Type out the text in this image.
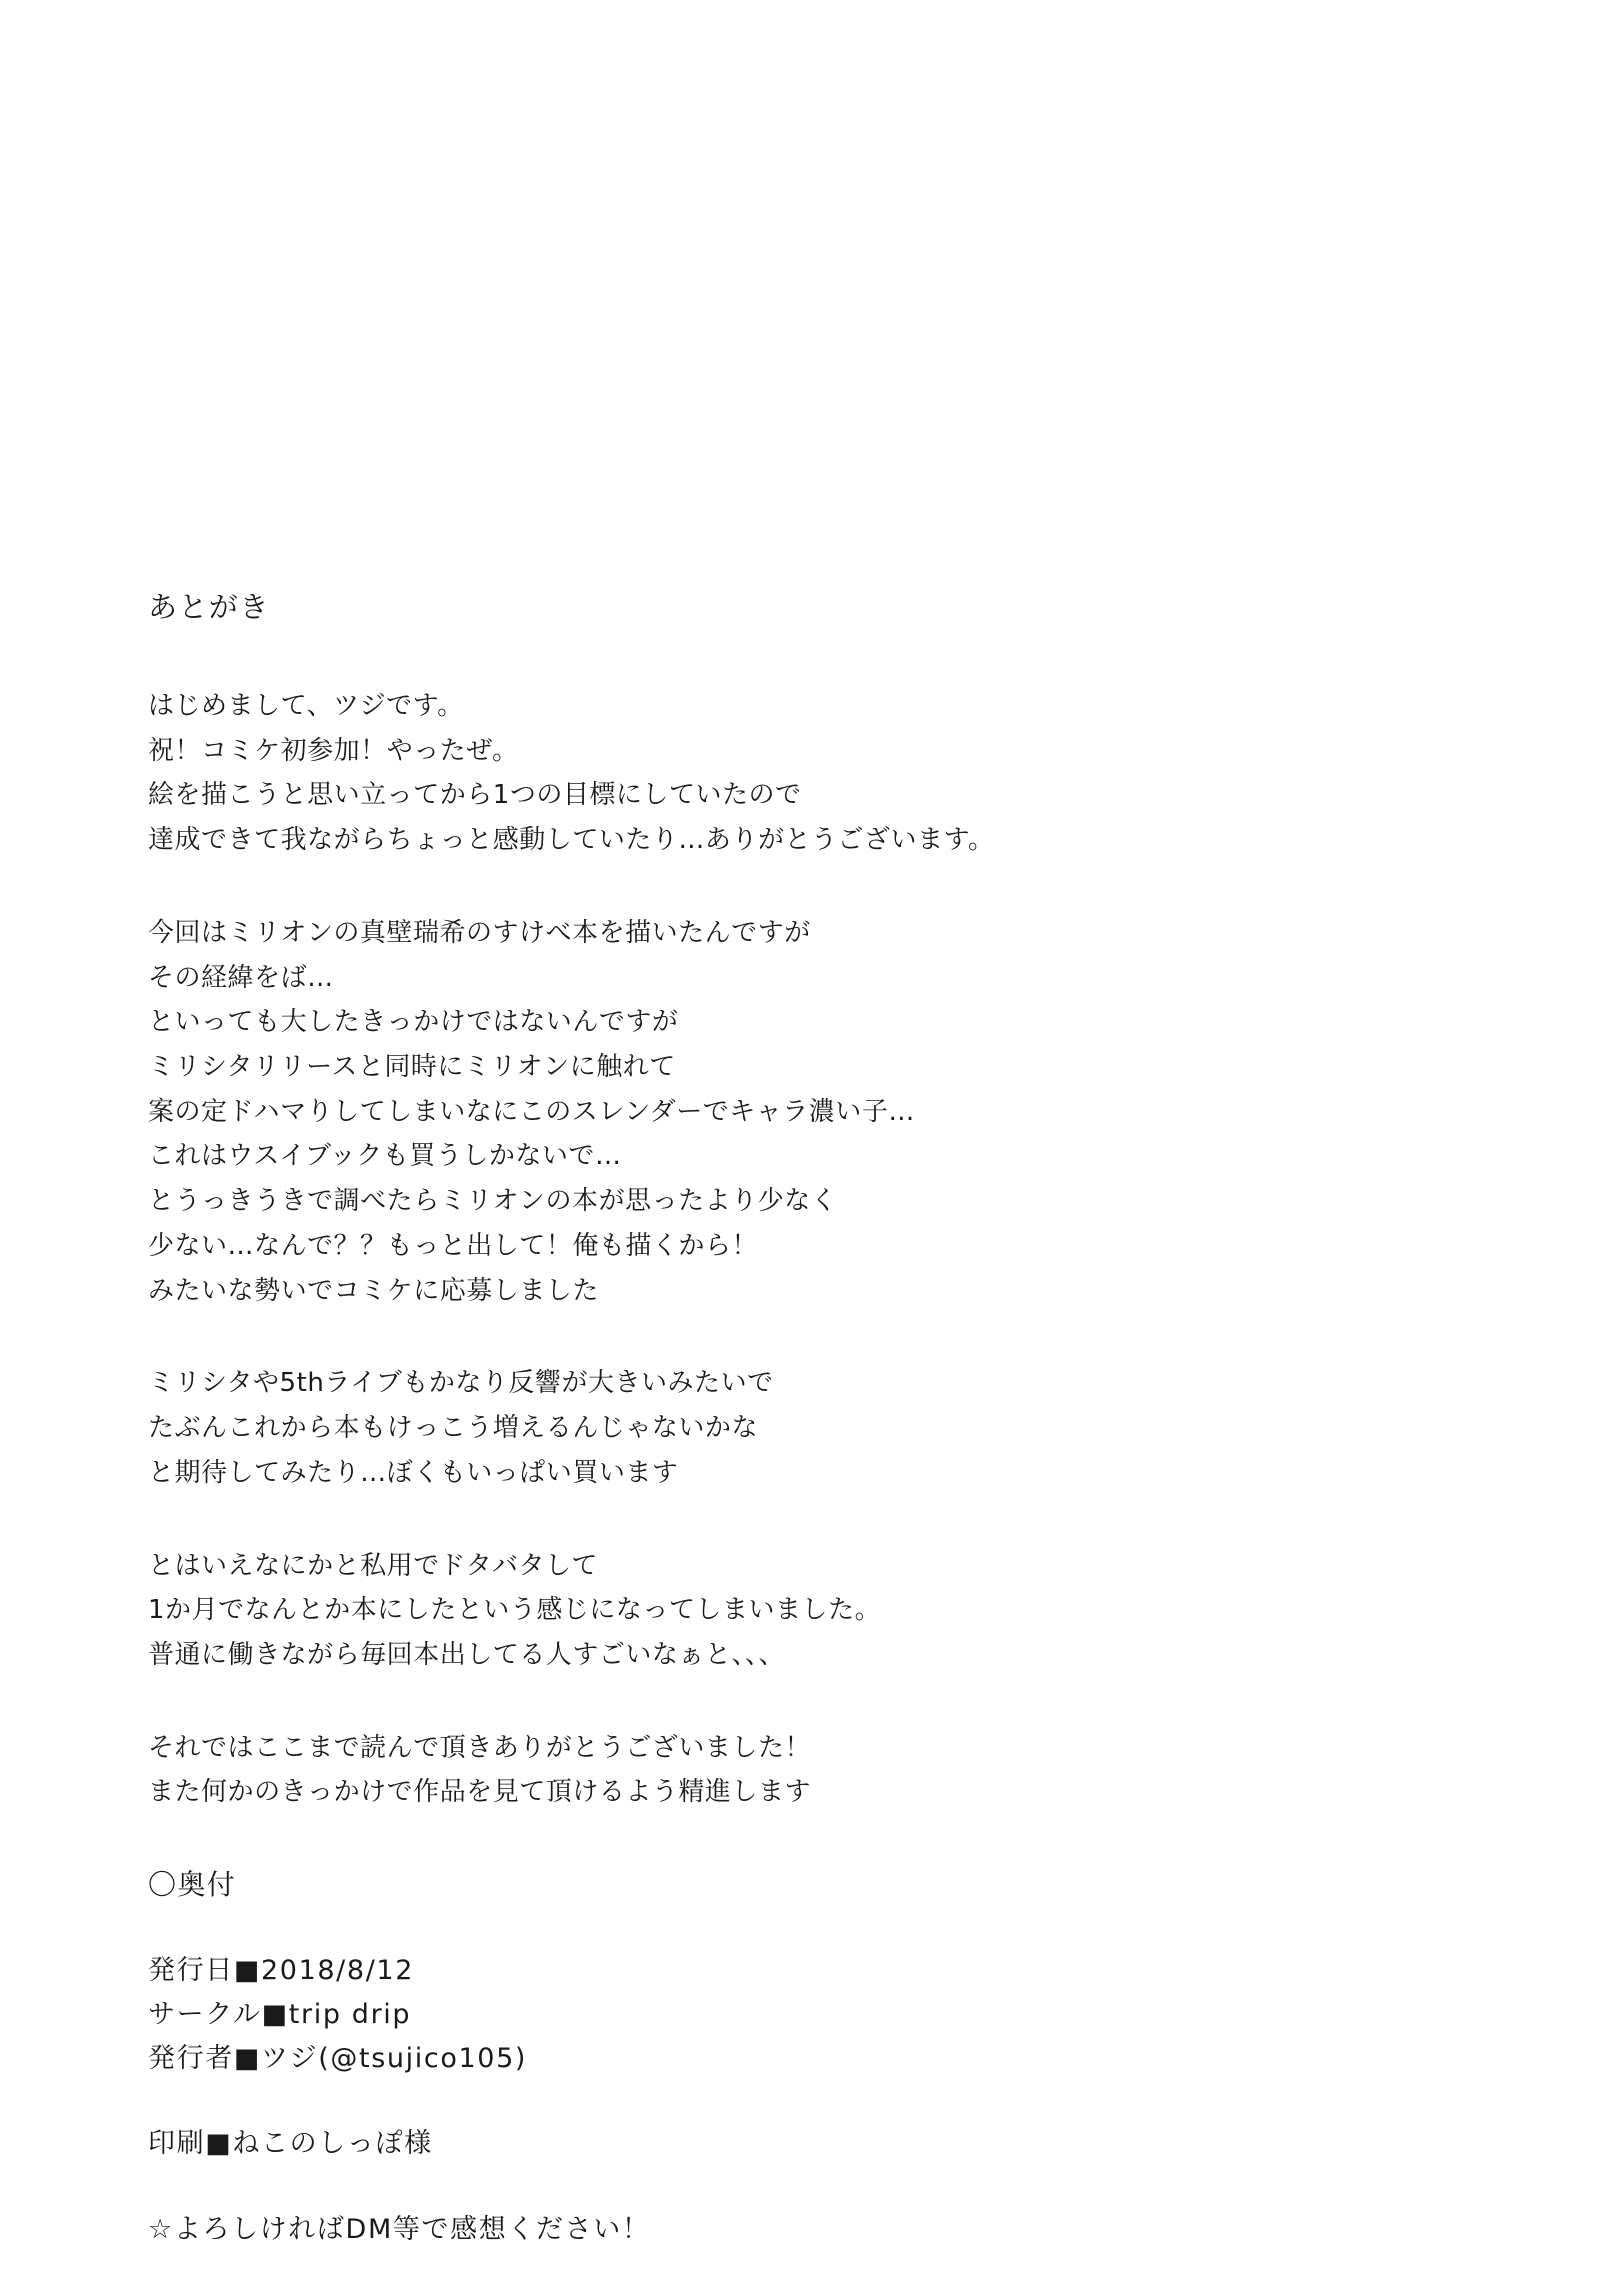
あとがき
はじめまして、ツジです。
祝！コミケ初参加！やったぜ。
絵を描こうと思い立ってから1つの目標にしていたので
達成できて我ながらちょっと感動していたり…ありがとうございます。
今回はミリオンの真壁瑞希のすけべ本を描いたんですが
その経緯をば…
といっても大したきっかけではないんですが
ミリシタリリースと同時にミリオンに触れて
案の定ドハマりしてしまいなにこのスレンダーでキャラ濃い子…
これはウスイブックも買うしかないで…
とうっきうきで調べたらミリオンの本が思ったより少なく
少ない…なんで？？もっと出して！俺も描くから！
みたいな勢いでコミケに応募しました
ミリシタや5thライブもかなり反響が大きいみたいで
たぶんこれから本もけっこう増えるんじゃないかな
と期待してみたり…ぼくもいっぱい買います
とはいえなにかと私用でドタバタして
1か月でなんとか本にしたという感じになってしまいました。
普通に働きながら毎回本出してる人すごいなぁと、、、
それではここまで読んで頂きありがとうございました！
また何かのきっかけで作品を見て頂けるよう精進します
〇奥付
発行日■2018/8/12
サークル■trip drip
発行者■ツジ(@tsujico105)
印刷■ねこのしっぽ様
☆よろしければDM等で感想ください！
